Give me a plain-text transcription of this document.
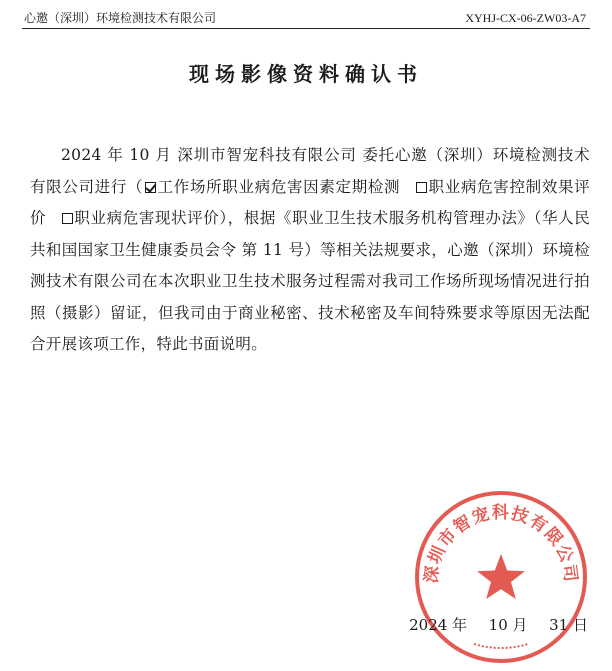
心邀（深圳）环境检测技术有限公司	XYHJ-CX-06-ZW03-A7
现场影像资料确认书
2024 年 10 月 深圳市智宠科技有限公司 委托心邀（深圳）环境检测技术有限公司进行（ 工作场所职业病危害因素定期检测 职业病危害控制效果评价 职业病危害现状评价），根据《职业卫生技术服务机构管理办法》（华人民共和国国家卫生健康委员会令 第 11 号）等相关法规要求，心邀（深圳）环境检测技术有限公司在本次职业卫生技术服务过程需对我司工作场所现场情况进行拍照（摄影）留证，但我司由于商业秘密、技术秘密及车间特殊要求等原因无法配合开展该项工作，特此书面说明。
深圳市智宠科技有限公司
2024 年 10 月 31 日
